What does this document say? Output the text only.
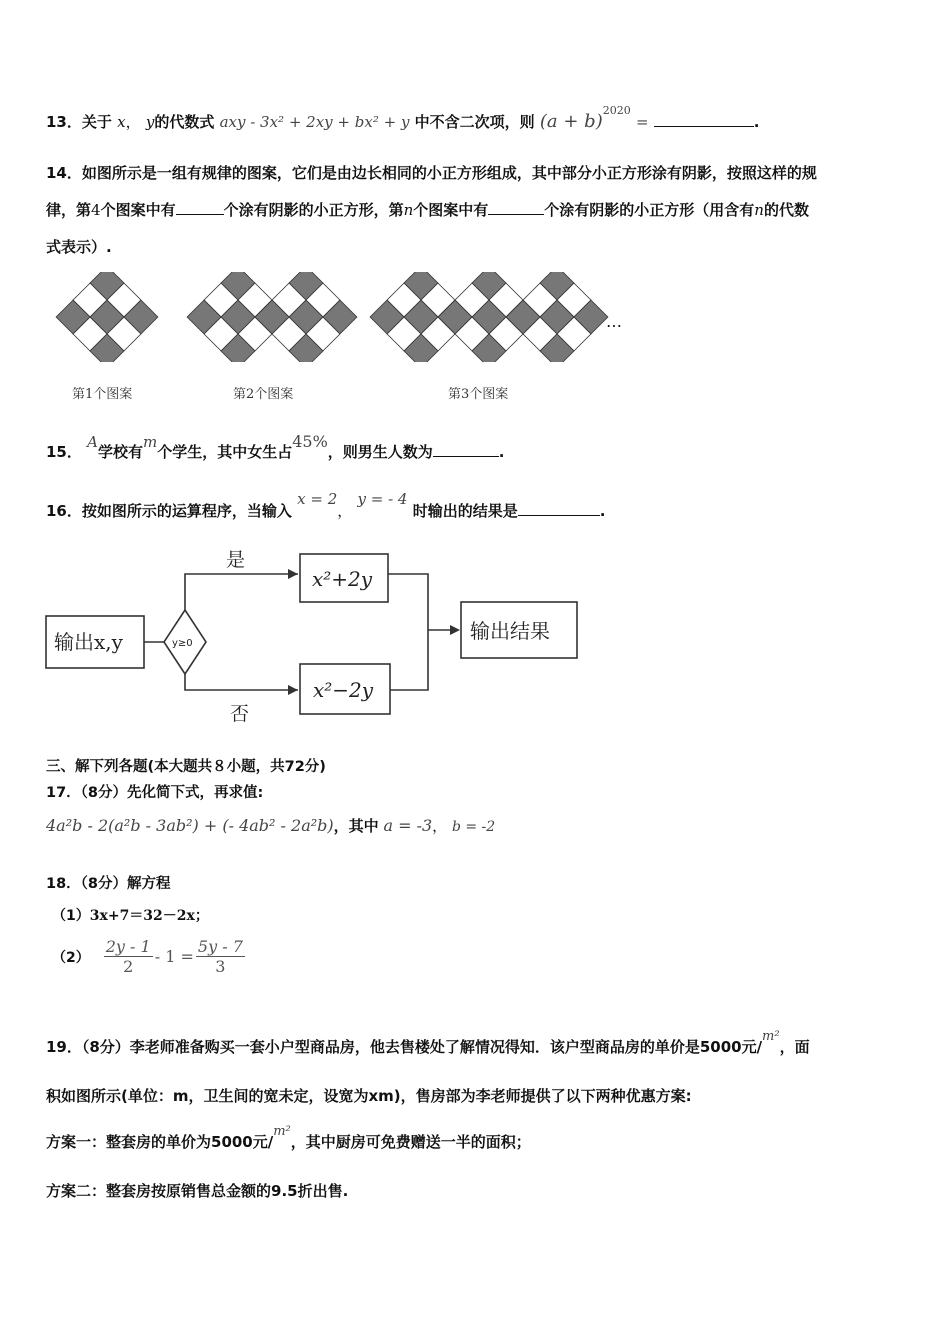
13．关于 x， y的代数式 axy - 3x² + 2xy + bx² + y 中不含二次项，则 $(a + b)^{2020}$ =	.
14．如图所示是一组有规律的图案，它们是由边长相同的小正方形组成，其中部分小正方形涂有阴影，按照这样的规
律，第4个图案中有	个涂有阴影的小正方形，第n个图案中有	个涂有阴影的小正方形（用含有n的代数
式表示）.
…
第1个图案	第2个图案	第3个图案
15． A学校有m个学生，其中女生占45%，则男生人数为	.
16．按如图所示的运算程序，当输入 x = 2， y = - 4 时输出的结果是	.
输出x,y	y≥0
是
否
x²+2y
x²−2y
输出结果
三、解下列各题(本大题共８小题，共72分)
17．（8分）先化简下式，再求值:
4a²b - 2(a²b - 3ab²) + (- 4ab² - 2a²b)，其中 a = -3， b = -2
18．（8分）解方程
（1）3x+7＝32－2x；
$(2) \frac{2y - 1}{2} - 1 = \frac{5y - 7}{3}$
19．（8分）李老师准备购买一套小户型商品房，他去售楼处了解情况得知．该户型商品房的单价是5000元/m²，面
积如图所示(单位：m，卫生间的宽未定，设宽为xm)，售房部为李老师提供了以下两种优惠方案:
方案一：整套房的单价为5000元/m²，其中厨房可免费赠送一半的面积；
方案二：整套房按原销售总金额的9.5折出售.
